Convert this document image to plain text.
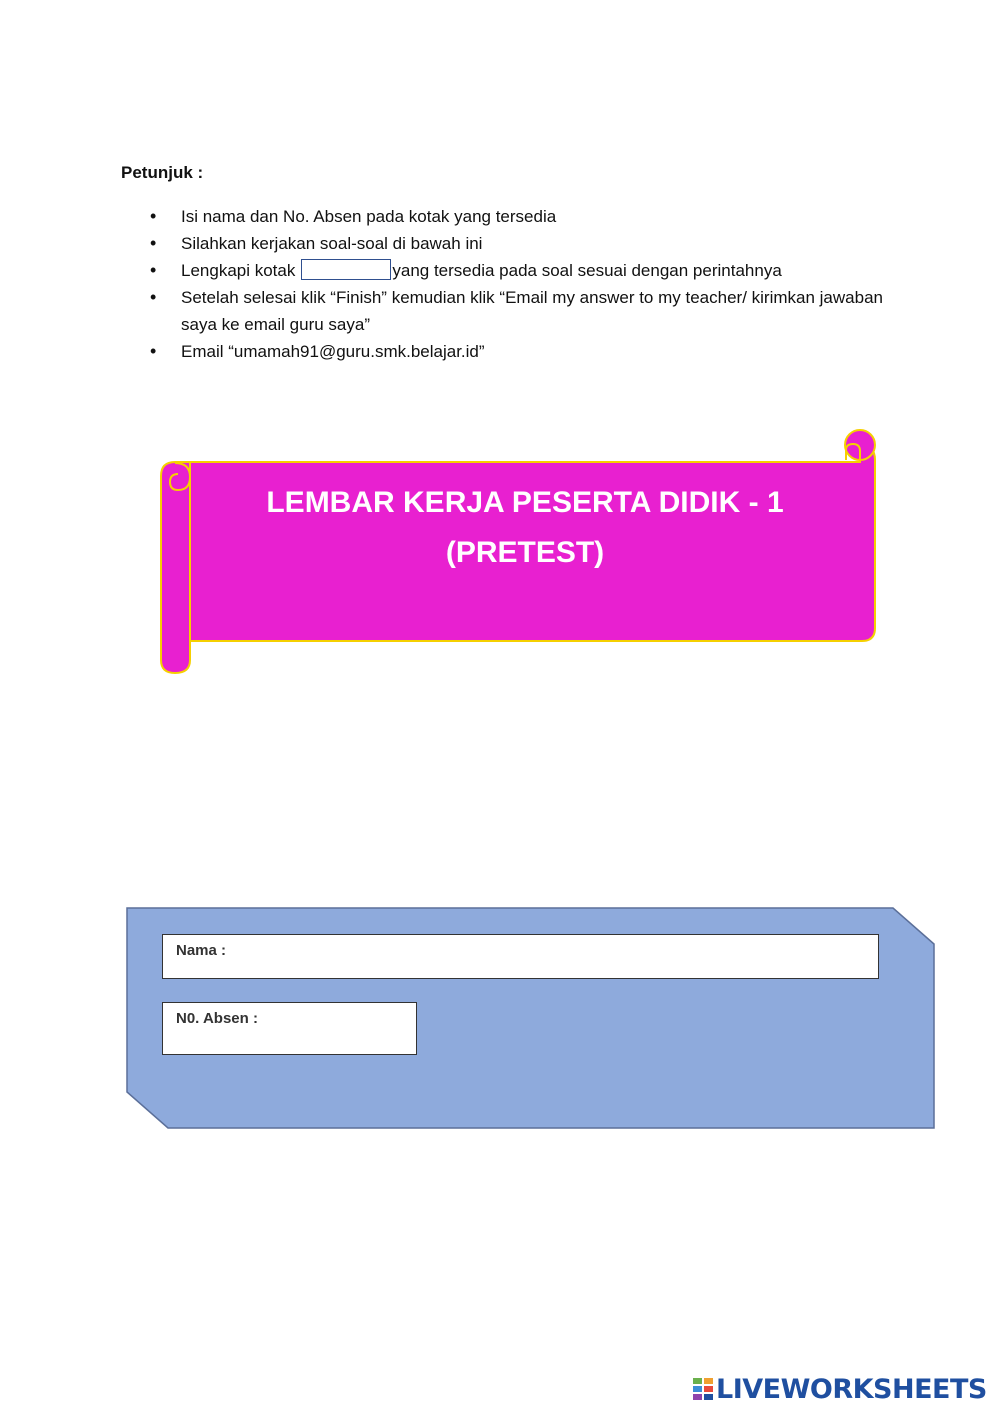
Petunjuk :
• Isi nama dan No. Absen pada kotak yang tersedia
• Silahkan kerjakan soal-soal di bawah ini
• Lengkapi kotak	yang tersedia pada soal sesuai dengan perintahnya
• Setelah selesai klik “Finish” kemudian klik “Email my answer to my teacher/ kirimkan jawaban saya ke email guru saya”
• Email “umamah91@guru.smk.belajar.id”
LEMBAR KERJA PESERTA DIDIK - 1
(PRETEST)
Nama :
N0. Absen :
LIVEWORKSHEETS
